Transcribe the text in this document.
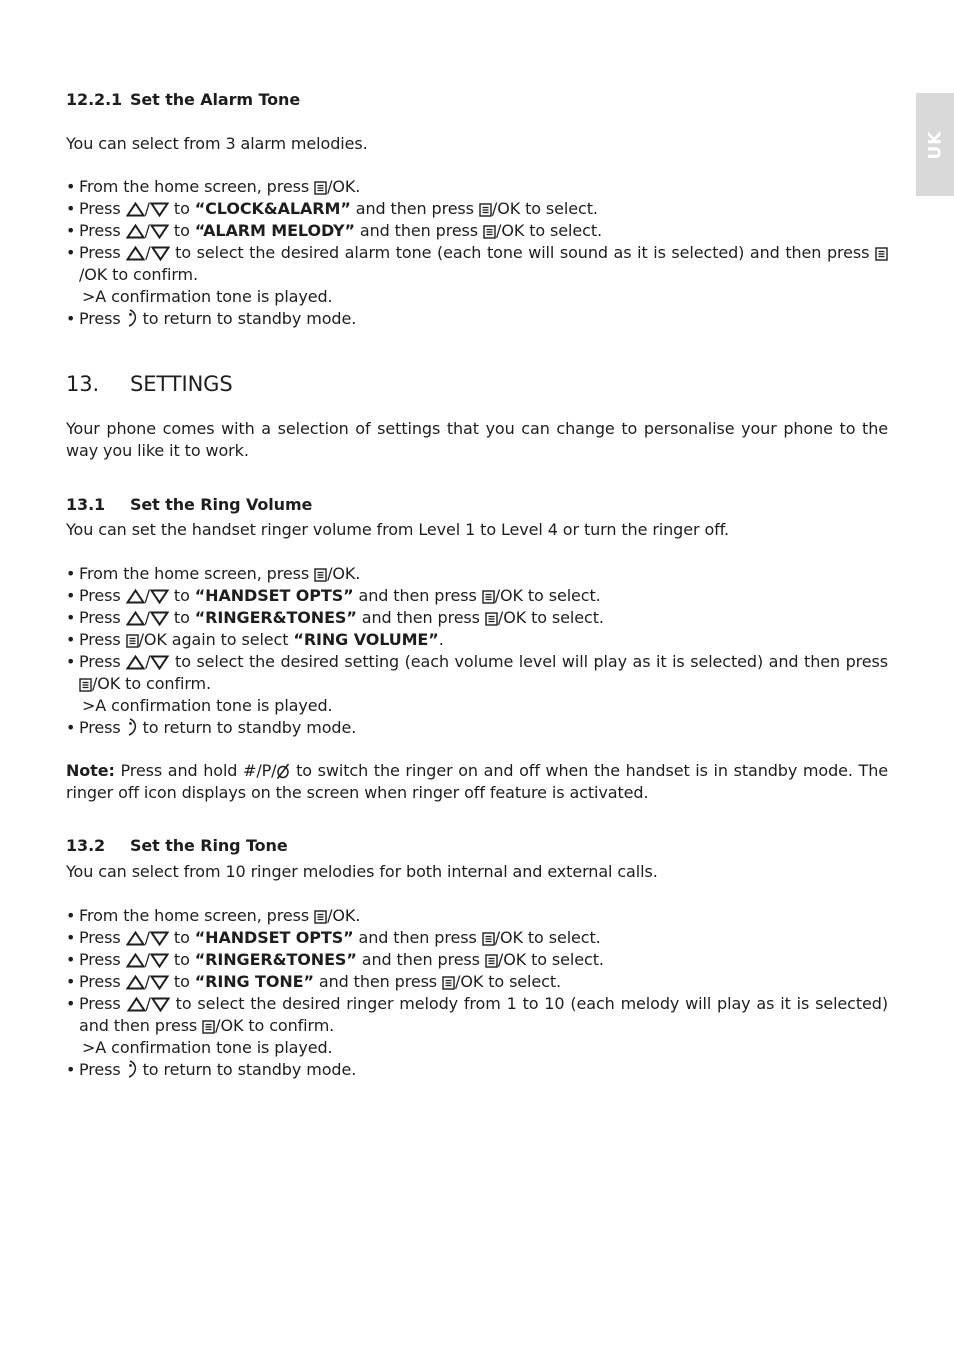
UK
12.2.1 Set the Alarm Tone
You can select from 3 alarm melodies.
• From the home screen, press /OK.
• Press / to “CLOCK&ALARM” and then press /OK to select.
• Press / to “ALARM MELODY” and then press /OK to select.
• Press / to select the desired alarm tone (each tone will sound as it is selected) and then press /OK to confirm.
>A confirmation tone is played.
• Press  to return to standby mode.
13. SETTINGS
Your phone comes with a selection of settings that you can change to personalise your phone to the way you like it to work.
13.1 Set the Ring Volume
You can set the handset ringer volume from Level 1 to Level 4 or turn the ringer off.
• From the home screen, press /OK.
• Press / to “HANDSET OPTS” and then press /OK to select.
• Press / to “RINGER&TONES” and then press /OK to select.
• Press /OK again to select “RING VOLUME”.
• Press / to select the desired setting (each volume level will play as it is selected) and then press /OK to confirm.
>A confirmation tone is played.
• Press  to return to standby mode.
Note: Press and hold #/P/ to switch the ringer on and off when the handset is in standby mode. The ringer off icon displays on the screen when ringer off feature is activated.
13.2 Set the Ring Tone
You can select from 10 ringer melodies for both internal and external calls.
• From the home screen, press /OK.
• Press / to “HANDSET OPTS” and then press /OK to select.
• Press / to “RINGER&TONES” and then press /OK to select.
• Press / to “RING TONE” and then press /OK to select.
• Press / to select the desired ringer melody from 1 to 10 (each melody will play as it is selected) and then press /OK to confirm.
>A confirmation tone is played.
• Press  to return to standby mode.
